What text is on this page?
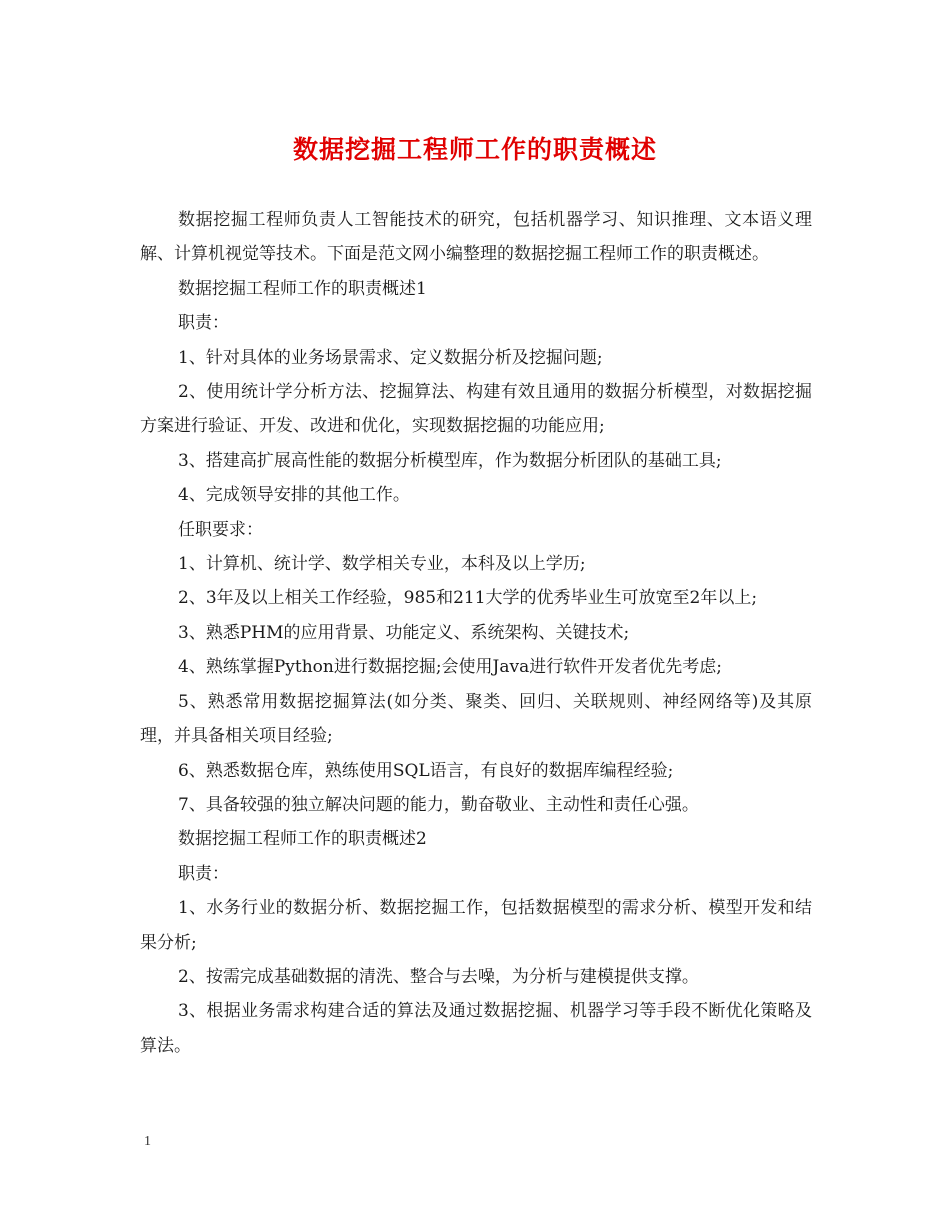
数据挖掘工程师工作的职责概述

数据挖掘工程师负责人工智能技术的研究，包括机器学习、知识推理、文本语义理解、计算机视觉等技术。下面是范文网小编整理的数据挖掘工程师工作的职责概述。

数据挖掘工程师工作的职责概述1

职责：

1、针对具体的业务场景需求、定义数据分析及挖掘问题;

2、使用统计学分析方法、挖掘算法、构建有效且通用的数据分析模型，对数据挖掘方案进行验证、开发、改进和优化，实现数据挖掘的功能应用;

3、搭建高扩展高性能的数据分析模型库，作为数据分析团队的基础工具;

4、完成领导安排的其他工作。

任职要求：

1、计算机、统计学、数学相关专业，本科及以上学历;

2、3年及以上相关工作经验，985和211大学的优秀毕业生可放宽至2年以上;

3、熟悉PHM的应用背景、功能定义、系统架构、关键技术;

4、熟练掌握Python进行数据挖掘;会使用Java进行软件开发者优先考虑;

5、熟悉常用数据挖掘算法(如分类、聚类、回归、关联规则、神经网络等)及其原理，并具备相关项目经验;

6、熟悉数据仓库，熟练使用SQL语言，有良好的数据库编程经验;

7、具备较强的独立解决问题的能力，勤奋敬业、主动性和责任心强。

数据挖掘工程师工作的职责概述2

职责：

1、水务行业的数据分析、数据挖掘工作，包括数据模型的需求分析、模型开发和结果分析;

2、按需完成基础数据的清洗、整合与去噪，为分析与建模提供支撑。

3、根据业务需求构建合适的算法及通过数据挖掘、机器学习等手段不断优化策略及算法。

1
